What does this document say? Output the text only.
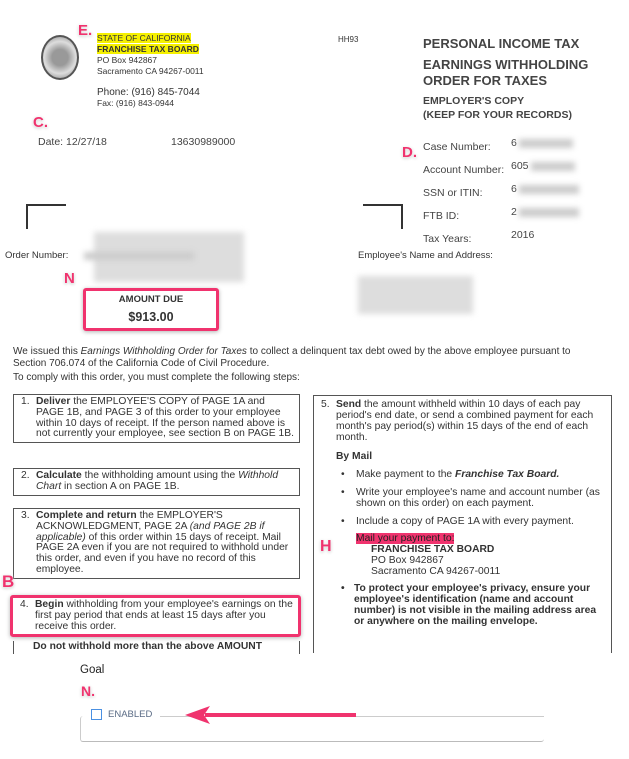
E. STATE OF CALIFORNIA
FRANCHISE TAX BOARD
PO Box 942867
Sacramento CA 94267-0011
Phone: (916) 845-7044
Fax: (916) 843-0944
HH93	PERSONAL INCOME TAX
EARNINGS WITHHOLDING
ORDER FOR TAXES
EMPLOYER'S COPY
(KEEP FOR YOUR RECORDS)
C.
Date: 12/27/18	13630989000
D. Case Number: 6
Account Number: 605
SSN or ITIN:	6
FTB ID:	2
Tax Years:	2016
Order Number:
N
AMOUNT DUE
$913.00
Employee's Name and Address:
We issued this Earnings Withholding Order for Taxes to collect a delinquent tax debt owed by the above employee pursuant to Section 706.074 of the California Code of Civil Procedure.
To comply with this order, you must complete the following steps:
1. Deliver the EMPLOYEE'S COPY of PAGE 1A and PAGE 1B, and PAGE 3 of this order to your employee within 10 days of receipt. If the person named above is not currently your employee, see section B on PAGE 1B.
2. Calculate the withholding amount using the Withhold Chart in section A on PAGE 1B.
3. Complete and return the EMPLOYER'S ACKNOWLEDGMENT, PAGE 2A (and PAGE 2B if applicable) of this order within 15 days of receipt. Mail PAGE 2A even if you are not required to withhold under this order, and even if you have no record of this employee.
B
4. Begin withholding from your employee's earnings on the first pay period that ends at least 15 days after you receive this order.
Do not withhold more than the above AMOUNT
5. Send the amount withheld within 10 days of each pay period's end date, or send a combined payment for each month's pay period(s) within 15 days of the end of each month.
By Mail
• Make payment to the Franchise Tax Board.
• Write your employee's name and account number (as shown on this order) on each payment.
• Include a copy of PAGE 1A with every payment.
Mail your payment to:
FRANCHISE TAX BOARD
PO Box 942867
Sacramento CA 94267-0011
• To protect your employee's privacy, ensure your employee's identification (name and account number) is not visible in the mailing address area or anywhere on the mailing envelope.
H
Goal
N.
ENABLED
